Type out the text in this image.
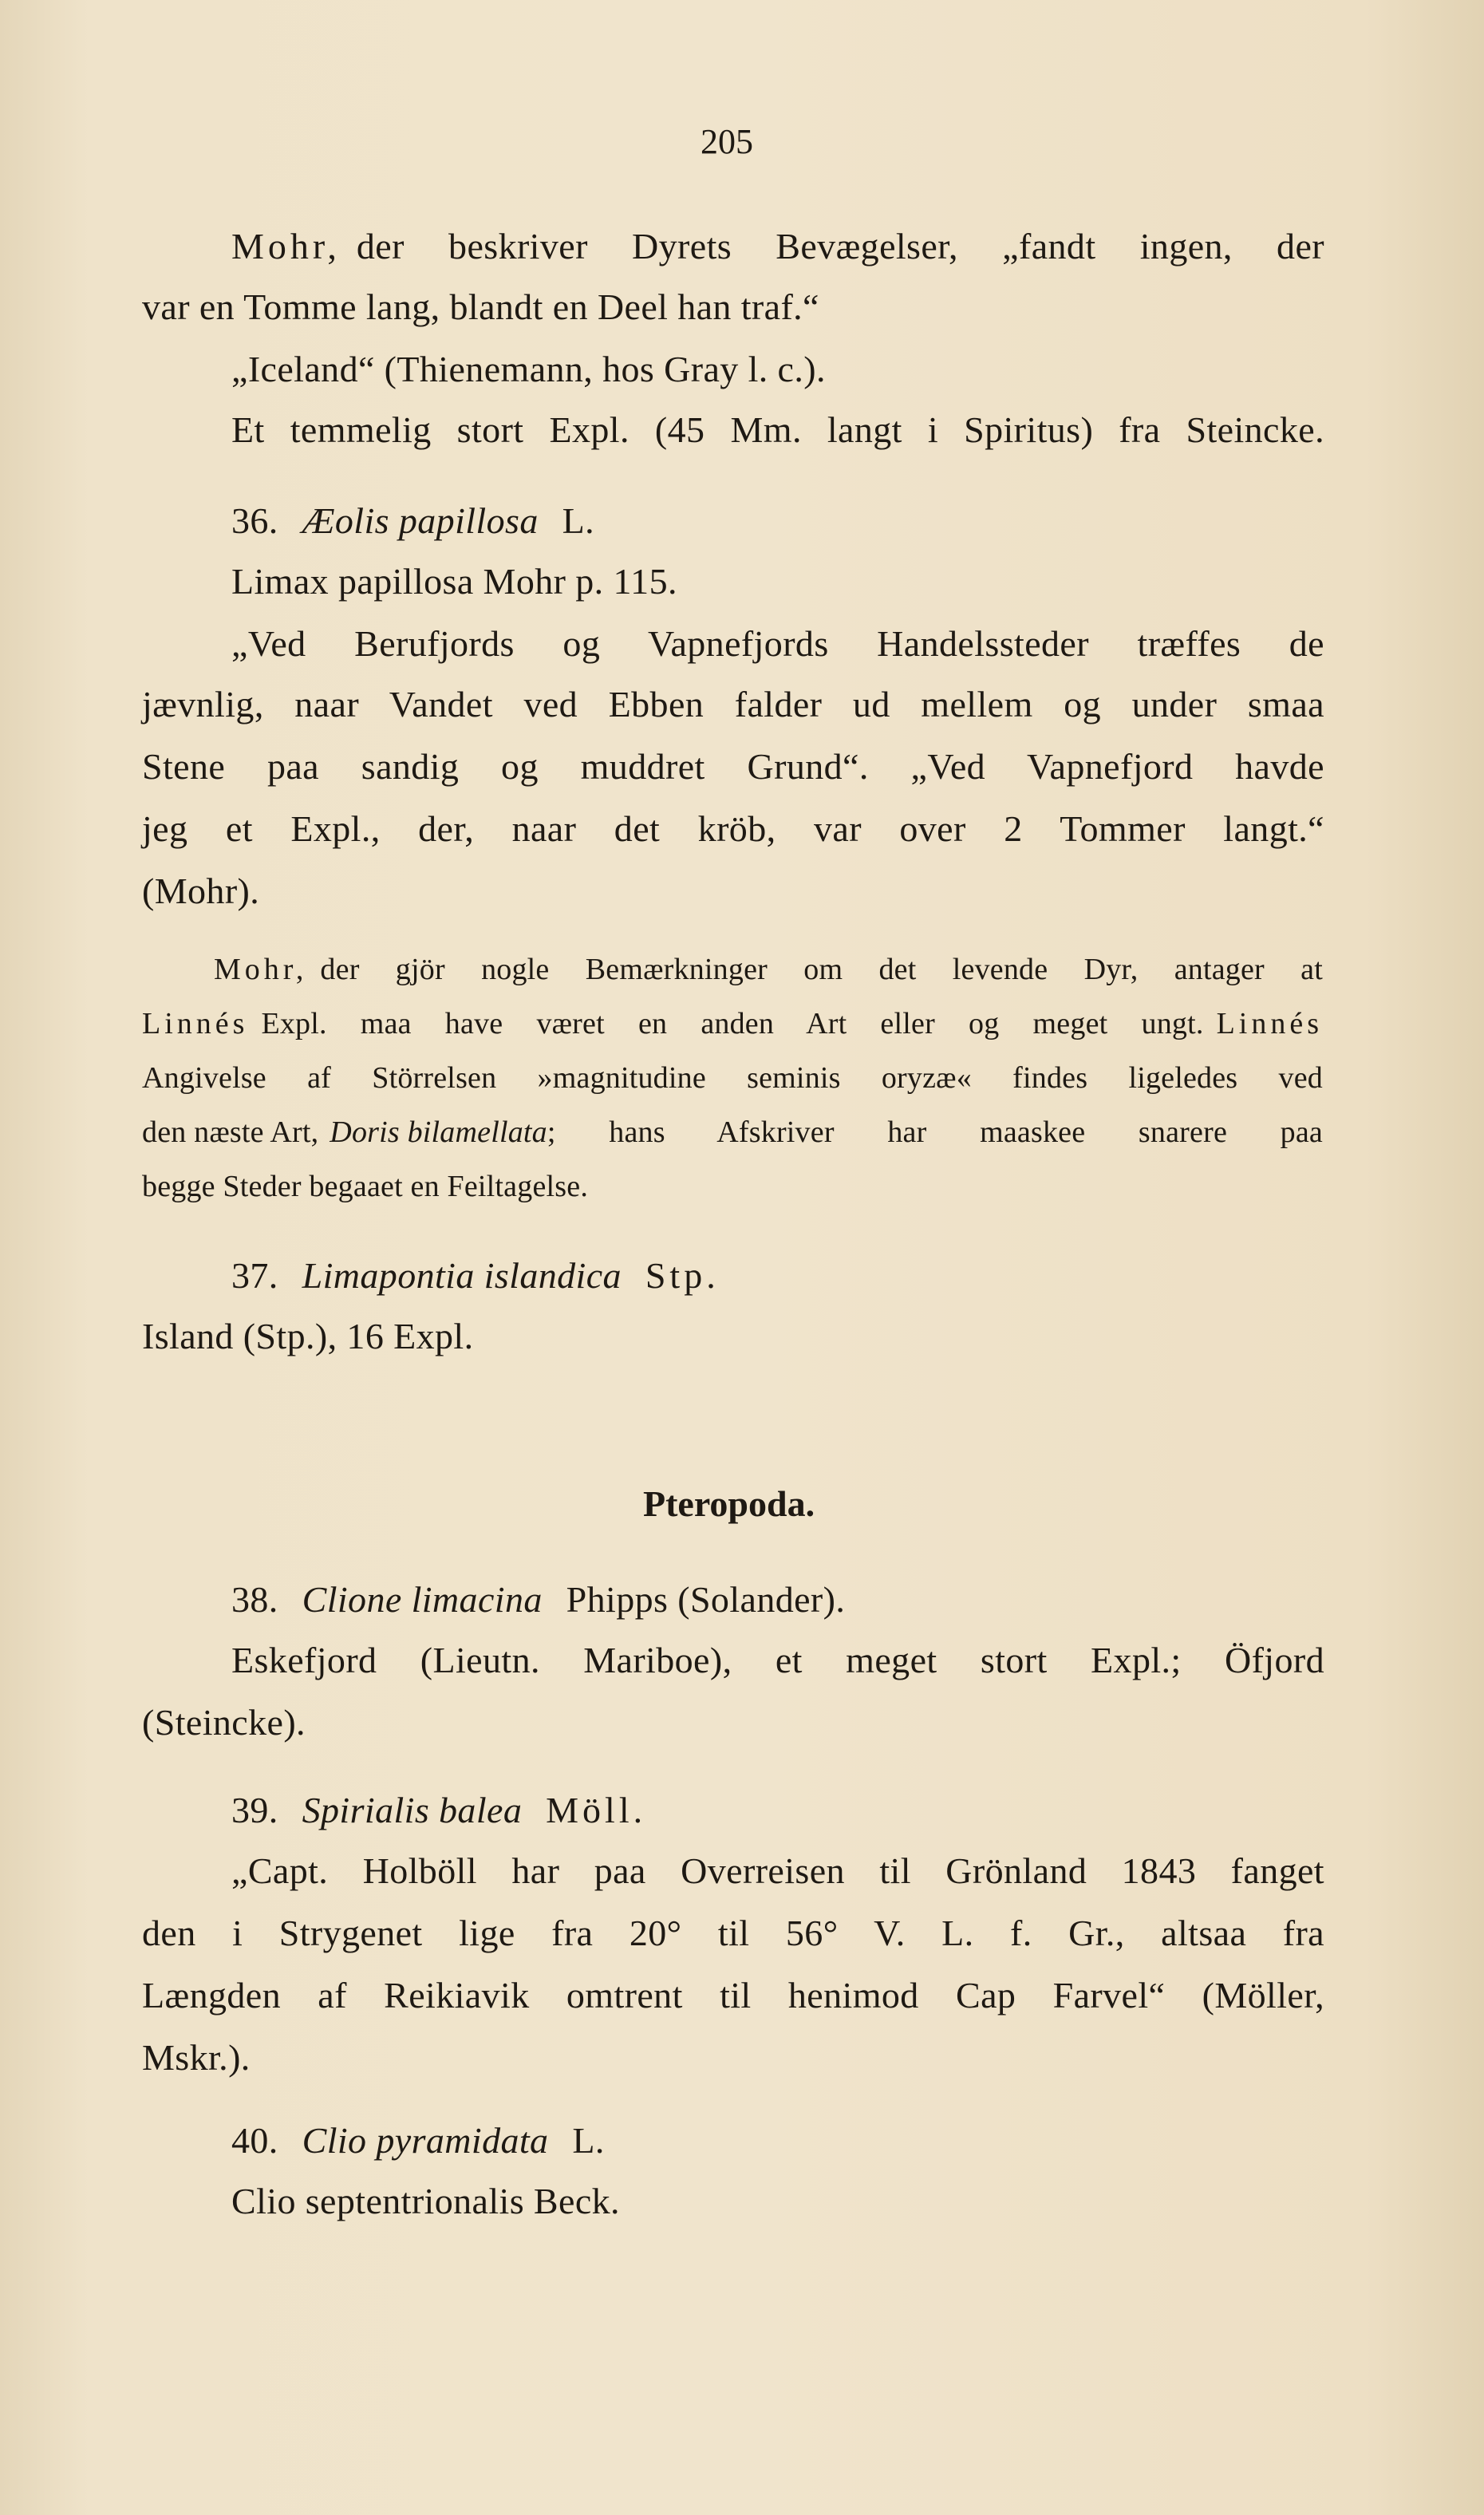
205
Mohr, der beskriver Dyrets Bevægelser, „fandt ingen, der
var en Tomme lang, blandt en Deel han traf.“
„Iceland“ (Thienemann, hos Gray l. c.).
Et temmelig stort Expl. (45 Mm. langt i Spiritus) fra Steincke.
36. Æolis papillosa L.
Limax papillosa Mohr p. 115.
„Ved Berufjords og Vapnefjords Handelssteder træffes de
jævnlig, naar Vandet ved Ebben falder ud mellem og under smaa
Stene paa sandig og muddret Grund“. „Ved Vapnefjord havde
jeg et Expl., der, naar det kröb, var over 2 Tommer langt.“
(Mohr).
Mohr, der gjör nogle Bemærkninger om det levende Dyr, antager at
Linnés Expl. maa have været en anden Art eller og meget ungt. Linnés
Angivelse af Störrelsen »magnitudine seminis oryzæ« findes ligeledes ved
den næste Art, Doris bilamellata ; hans Afskriver har maaskee snarere paa
begge Steder begaaet en Feiltagelse.
37. Limapontia islandica Stp.
Island (Stp.), 16 Expl.
Pteropoda.
38. Clione limacina Phipps (Solander).
Eskefjord (Lieutn. Mariboe), et meget stort Expl.; Öfjord
(Steincke).
39. Spirialis balea Möll.
„Capt. Holböll har paa Overreisen til Grönland 1843 fanget
den i Strygenet lige fra 20° til 56° V. L. f. Gr., altsaa fra
Længden af Reikiavik omtrent til henimod Cap Farvel“ (Möller,
Mskr.).
40. Clio pyramidata L.
Clio septentrionalis Beck.
